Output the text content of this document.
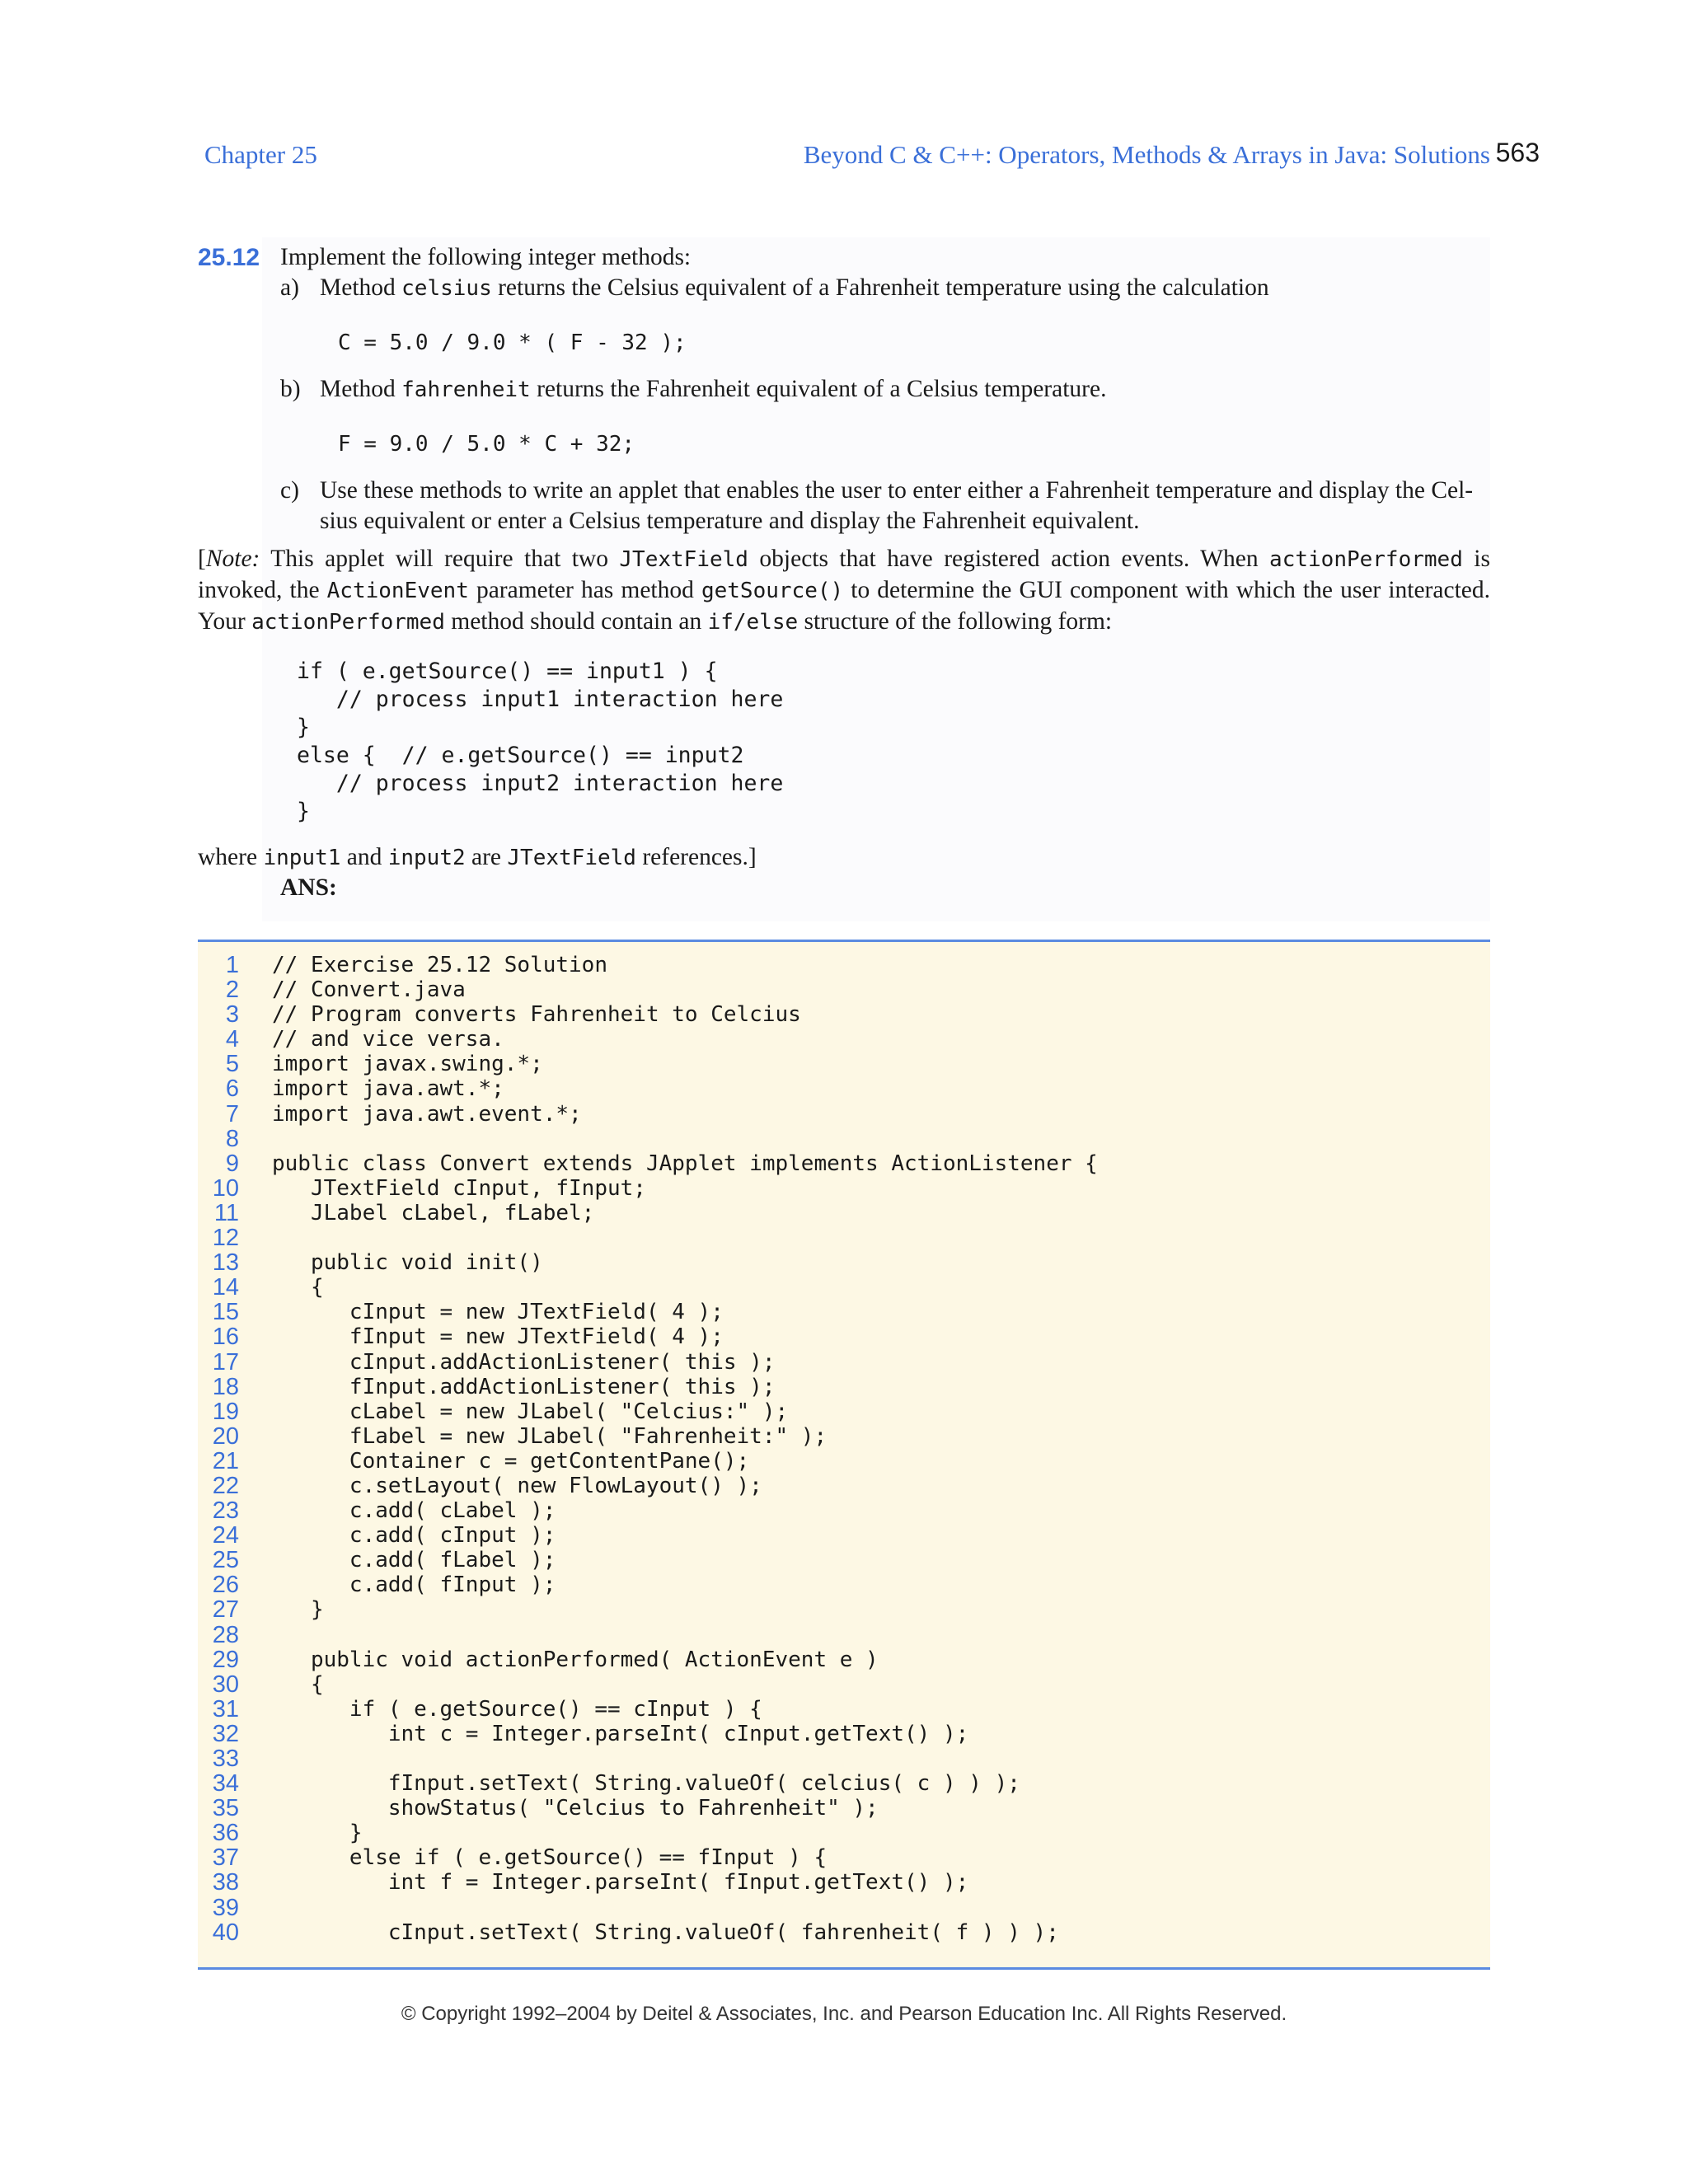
Chapter 25	Beyond C & C++: Operators, Methods & Arrays in Java: Solutions 563
25.12 Implement the following integer methods:
a) Method celsius returns the Celsius equivalent of a Fahrenheit temperature using the calculation
C = 5.0 / 9.0 * ( F - 32 );
b) Method fahrenheit returns the Fahrenheit equivalent of a Celsius temperature.
F = 9.0 / 5.0 * C + 32;
c) Use these methods to write an applet that enables the user to enter either a Fahrenheit temperature and display the Cel-
sius equivalent or enter a Celsius temperature and display the Fahrenheit equivalent.
[Note: This applet will require that two JTextField objects that have registered action events. When actionPerformed is invoked, the ActionEvent parameter has method getSource() to determine the GUI component with which the user interacted. Your actionPerformed method should contain an if/else structure of the following form:
if ( e.getSource() == input1 ) {
// process input1 interaction here
}
else {  // e.getSource() == input2
// process input2 interaction here
}
where input1 and input2 are JTextField references.]
ANS:
1 // Exercise 25.12 Solution
2 // Convert.java
3 // Program converts Fahrenheit to Celcius
4 // and vice versa.
5 import javax.swing.*;
6 import java.awt.*;
7 import java.awt.event.*;
8
9 public class Convert extends JApplet implements ActionListener {
10 JTextField cInput, fInput;
11 JLabel cLabel, fLabel;
12
13 public void init()
14 {
15 cInput = new JTextField( 4 );
16 fInput = new JTextField( 4 );
17 cInput.addActionListener( this );
18 fInput.addActionListener( this );
19 cLabel = new JLabel( "Celcius:" );
20 fLabel = new JLabel( "Fahrenheit:" );
21 Container c = getContentPane();
22 c.setLayout( new FlowLayout() );
23 c.add( cLabel );
24 c.add( cInput );
25 c.add( fLabel );
26 c.add( fInput );
27 }
28
29 public void actionPerformed( ActionEvent e )
30 {
31 if ( e.getSource() == cInput ) {
32 int c = Integer.parseInt( cInput.getText() );
33
34 fInput.setText( String.valueOf( celcius( c ) ) );
35 showStatus( "Celcius to Fahrenheit" );
36 }
37 else if ( e.getSource() == fInput ) {
38 int f = Integer.parseInt( fInput.getText() );
39
40 cInput.setText( String.valueOf( fahrenheit( f ) ) );
© Copyright 1992–2004 by Deitel & Associates, Inc. and Pearson Education Inc. All Rights Reserved.
